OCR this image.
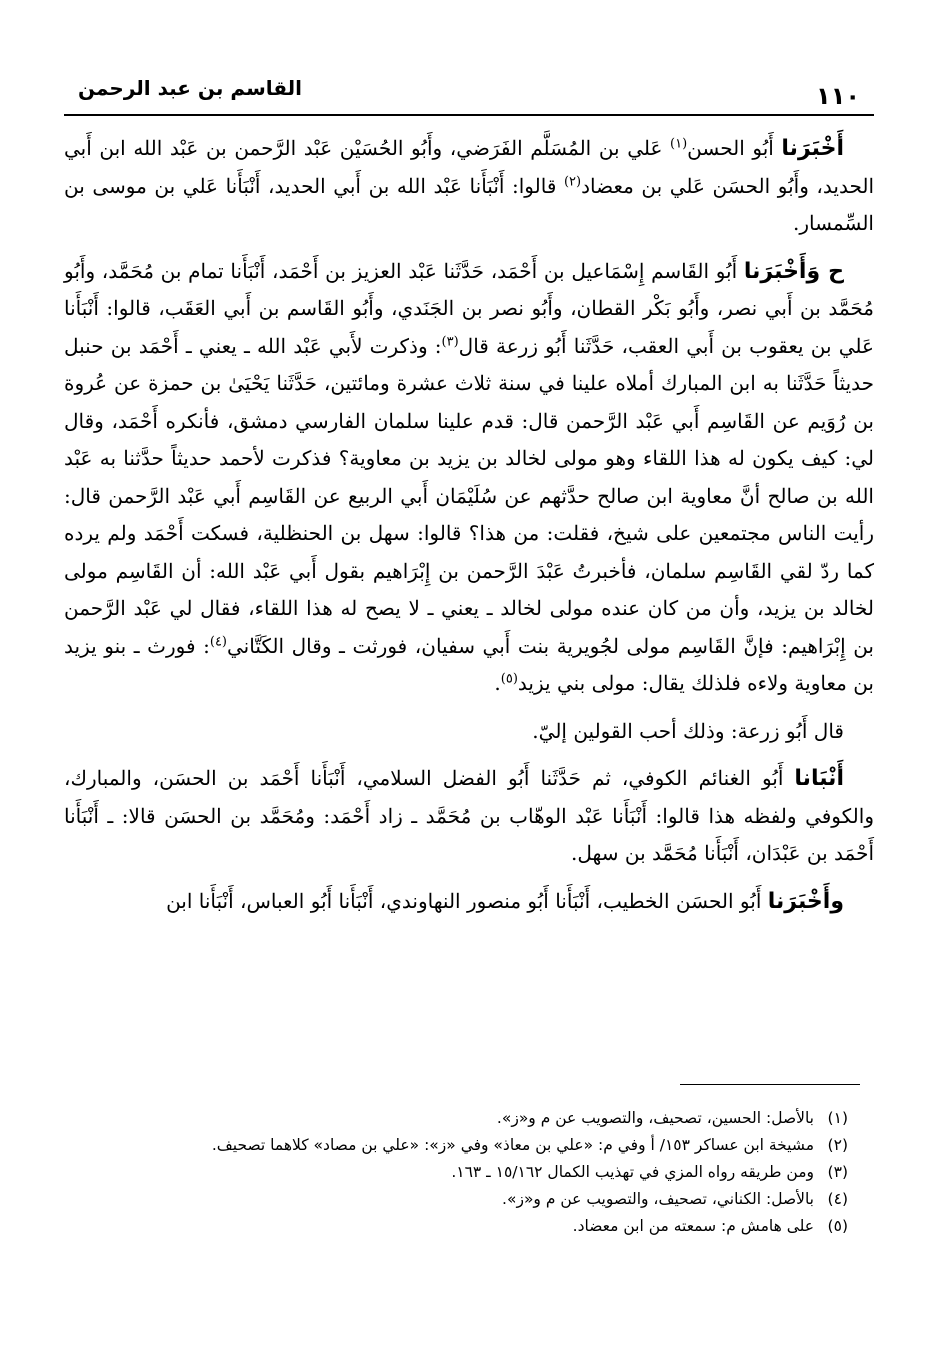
١١٠
القاسم بن عبد الرحمن

أَخْبَرَنا أَبُو الحسن$^{(١)}$ عَلي بن المُسَلَّم الفَرَضي، وأَبُو الحُسَيْن عَبْد الرَّحمن بن عَبْد الله ابن أَبي الحديد، وأَبُو الحسَن عَلي بن معضاد$^{(٢)}$ قالوا: أَنْبَأَنا عَبْد الله بن أَبي الحديد، أَنْبَأَنا عَلي بن موسى بن السِّمسار.

ح وَأَخْبَرَنا أَبُو القَاسم إِسْمَاعيل بن أَحْمَد، حَدَّثَنا عَبْد العزيز بن أَحْمَد، أَنْبَأَنا تمام بن مُحَمَّد، وأَبُو مُحَمَّد بن أَبي نصر، وأَبُو بَكْر القطان، وأَبُو نصر بن الجَنَدي، وأَبُو القَاسم بن أَبي العَقَب، قالوا: أَنْبَأَنا عَلي بن يعقوب بن أَبي العقب، حَدَّثَنا أَبُو زرعة قال$^{(٣)}$: وذكرت لأَبي عَبْد الله ـ يعني ـ أَحْمَد بن حنبل حديثاً حَدَّثَنا به ابن المبارك أملاه علينا في سنة ثلاث عشرة ومائتين، حَدَّثَنا يَحْيَىٰ بن حمزة عن عُروة بن رُوَيم عن القَاسِم أَبي عَبْد الرَّحمن قال: قدم علينا سلمان الفارسي دمشق، فأنكره أَحْمَد، وقال لي: كيف يكون له هذا اللقاء وهو مولى لخالد بن يزيد بن معاوية؟ فذكرت لأحمد حديثاً حدَّثنا به عَبْد الله بن صالح أنَّ معاوية ابن صالح حدَّثهم عن سُلَيْمَان أَبي الربيع عن القَاسِم أَبي عَبْد الرَّحمن قال: رأيت الناس مجتمعين على شيخ، فقلت: من هذا؟ قالوا: سهل بن الحنظلية، فسكت أَحْمَد ولم يرده كما ردّ لقي القَاسِم سلمان، فأخبرتُ عَبْدَ الرَّحمن بن إِبْرَاهيم بقول أَبي عَبْد الله: أن القَاسِم مولى لخالد بن يزيد، وأن من كان عنده مولى لخالد ـ يعني ـ لا يصح له هذا اللقاء، فقال لي عَبْد الرَّحمن بن إِبْرَاهيم: فإنَّ القَاسِم مولى لجُويرية بنت أَبي سفيان، فورثت ـ وقال الكَتَّاني$^{(٤)}$: فورث ـ بنو يزيد بن معاوية ولاءه فلذلك يقال: مولى بني يزيد$^{(٥)}$.

قال أَبُو زرعة: وذلك أحب القولين إليّ.

أَنْبَانا أَبُو الغنائم الكوفي، ثم حَدَّثَنا أَبُو الفضل السلامي، أَنْبَأَنا أَحْمَد بن الحسَن، والمبارك، والكوفي ولفظه هذا قالوا: أَنْبَأَنا عَبْد الوهّاب بن مُحَمَّد ـ زاد أَحْمَد: ومُحَمَّد بن الحسَن قالا: ـ أَنْبَأَنا أَحْمَد بن عَبْدَان، أَنْبَأَنا مُحَمَّد بن سهل.

وأَخْبَرَنا أَبُو الحسَن الخطيب، أَنْبَأَنا أَبُو منصور النهاوندي، أَنْبَأَنا أَبُو العباس، أَنْبَأَنا ابن

(١)
بالأصل: الحسين، تصحيف، والتصويب عن م و«ز».
(٢)
مشيخة ابن عساكر ١٥٣/ أ وفي م: «علي بن معاذ» وفي «ز»: «علي بن مصاد» كلاهما تصحيف.
(٣)
ومن طريقه رواه المزي في تهذيب الكمال ١٥/١٦٢ ـ ١٦٣.
(٤)
بالأصل: الكناني، تصحيف، والتصويب عن م و«ز».
(٥)
على هامش م: سمعته من ابن معضاد.
